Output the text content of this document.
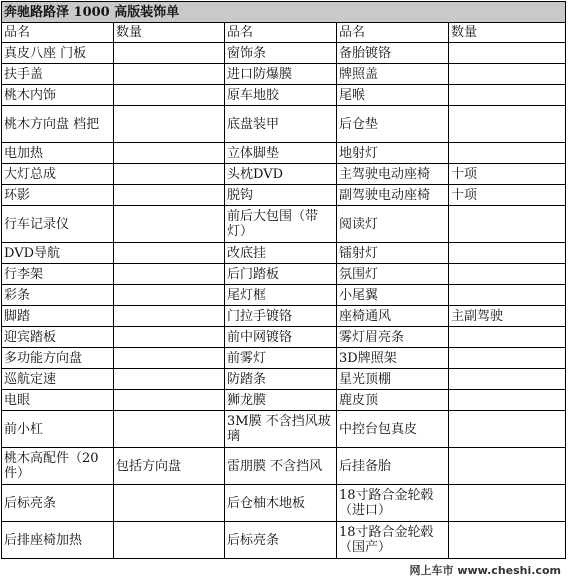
奔驰路路泽 1000 高版装饰单				
品名	数量	品名	品名	数量
真皮八座 门板		窗饰条	备胎镀铬	
扶手盖		进口防爆膜	牌照盖	
桃木内饰		原车地胶	尾喉	
桃木方向盘 档把		底盘装甲	后仓垫	
电加热		立体脚垫	地射灯	
大灯总成		头枕DVD	主驾驶电动座椅	十项
环影		脱钩	副驾驶电动座椅	十项
行车记录仪		前后大包围（带灯）	阅读灯	
DVD导航		改底挂	镭射灯	
行李架		后门踏板	氛围灯	
彩条		尾灯框	小尾翼	
脚踏		门拉手镀铬	座椅通风	主副驾驶
迎宾踏板		前中网镀铬	雾灯眉亮条	
多功能方向盘		前雾灯	3D牌照架	
巡航定速		防踏条	星光顶棚	
电眼		狮龙膜	鹿皮顶	
前小杠		3M膜 不含挡风玻璃	中控台包真皮	
桃木高配件（20件）	包括方向盘	雷朋膜 不含挡风	后挂备胎	
后标亮条		后仓柚木地板	18寸路合金轮毂（进口）	
后排座椅加热		后标亮条	18寸路合金轮毂（国产）	
网上车市 www.cheshi.com
